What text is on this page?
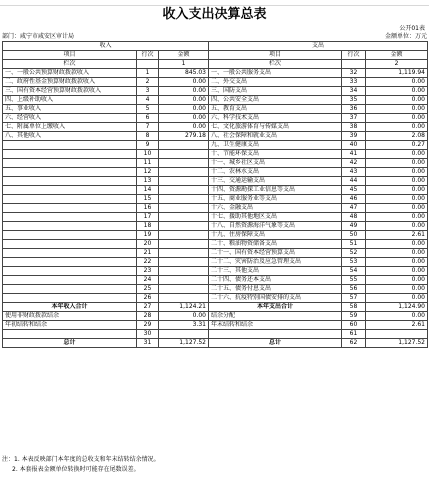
收入支出决算总表
公开01表
部门：咸宁市咸安区审计局	金额单位：万元
收入			支出		
项目	行次	金额	项目	行次	金额
栏次		1	栏次		2
一、一般公共预算财政拨款收入	1	845.03	一、一般公共服务支出	32	1,119.94
二、政府性基金预算财政拨款收入	2	0.00	二、外交支出	33	0.00
三、国有资本经营预算财政拨款收入	3	0.00	三、国防支出	34	0.00
四、上级补助收入	4	0.00	四、公共安全支出	35	0.00
五、事业收入	5	0.00	五、教育支出	36	0.00
六、经营收入	6	0.00	六、科学技术支出	37	0.00
七、附属单位上缴收入	7	0.00	七、文化旅游体育与传媒支出	38	0.00
八、其他收入	8	279.18	八、社会保障和就业支出	39	2.08
	9		九、卫生健康支出	40	0.27
	10		十、节能环保支出	41	0.00
	11		十一、城乡社区支出	42	0.00
	12		十二、农林水支出	43	0.00
	13		十三、交通运输支出	44	0.00
	14		十四、资源勘探工业信息等支出	45	0.00
	15		十五、商业服务业等支出	46	0.00
	16		十六、金融支出	47	0.00
	17		十七、援助其他地区支出	48	0.00
	18		十八、自然资源海洋气象等支出	49	0.00
	19		十九、住房保障支出	50	2.61
	20		二十、粮油物资储备支出	51	0.00
	21		二十一、国有资本经营预算支出	52	0.00
	22		二十二、灾害防治及应急管理支出	53	0.00
	23		二十三、其他支出	54	0.00
	24		二十四、债务还本支出	55	0.00
	25		二十五、债务付息支出	56	0.00
	26		二十六、抗疫特别国债安排的支出	57	0.00
本年收入合计	27	1,124.21	本年支出合计	58	1,124.90
使用非财政拨款结余	28	0.00	结余分配	59	0.00
年初结转和结余	29	3.31	年末结转和结余	60	2.61
	30			61	
总计	31	1,127.52	总计	62	1,127.52
注：1. 本表反映部门本年度的总收支和年末结转结余情况。
2. 本套报表金额单位转换时可能存在尾数误差。
